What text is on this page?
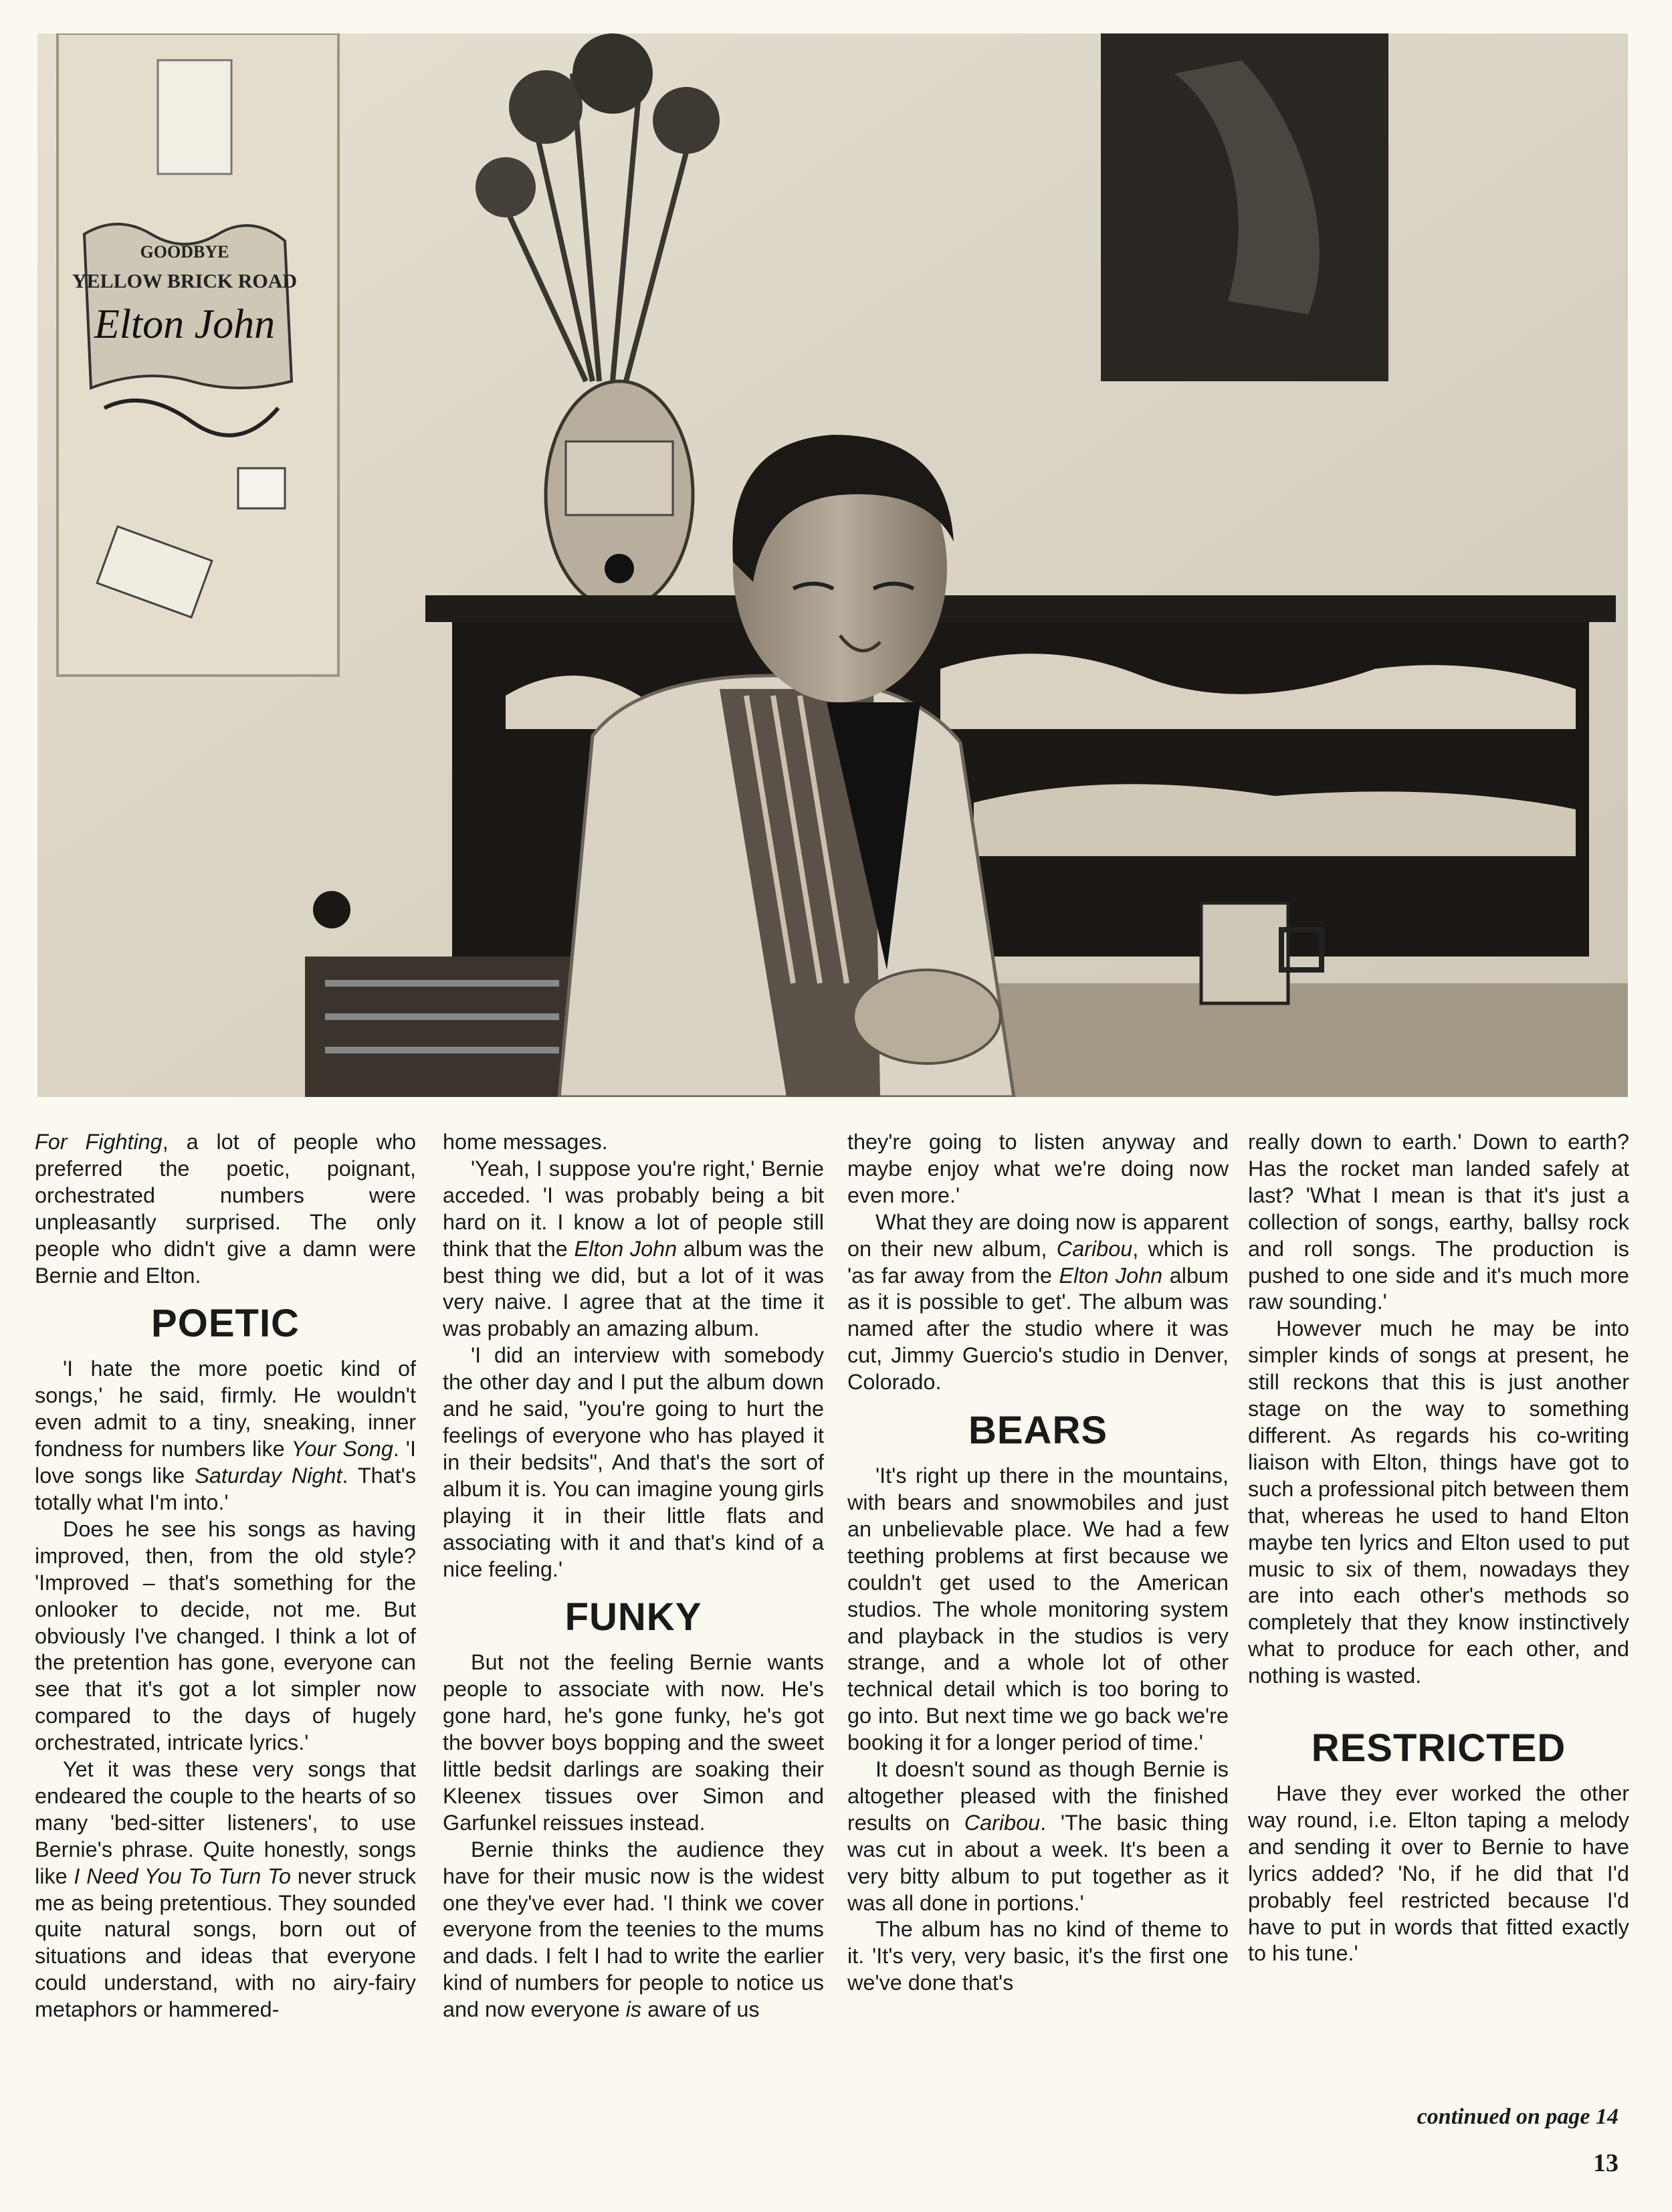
GOODBYE
YELLOW BRICK ROAD
Elton John

For Fighting, a lot of people who preferred the poetic, poignant, orchestrated numbers were unpleasantly surprised. The only people who didn't give a damn were Bernie and Elton.

POETIC

'I hate the more poetic kind of songs,' he said, firmly. He wouldn't even admit to a tiny, sneaking, inner fondness for numbers like Your Song. 'I love songs like Saturday Night. That's totally what I'm into.'

Does he see his songs as having improved, then, from the old style? 'Improved – that's something for the onlooker to decide, not me. But obviously I've changed. I think a lot of the pretention has gone, everyone can see that it's got a lot simpler now compared to the days of hugely orchestrated, intricate lyrics.'

Yet it was these very songs that endeared the couple to the hearts of so many 'bed-sitter listeners', to use Bernie's phrase. Quite honestly, songs like I Need You To Turn To never struck me as being pretentious. They sounded quite natural songs, born out of situations and ideas that everyone could understand, with no airy-fairy metaphors or hammered-

home messages.

'Yeah, I suppose you're right,' Bernie acceded. 'I was probably being a bit hard on it. I know a lot of people still think that the Elton John album was the best thing we did, but a lot of it was very naive. I agree that at the time it was probably an amazing album.

'I did an interview with somebody the other day and I put the album down and he said, "you're going to hurt the feelings of everyone who has played it in their bedsits", And that's the sort of album it is. You can imagine young girls playing it in their little flats and associating with it and that's kind of a nice feeling.'

FUNKY

But not the feeling Bernie wants people to associate with now. He's gone hard, he's gone funky, he's got the bovver boys bopping and the sweet little bedsit darlings are soaking their Kleenex tissues over Simon and Garfunkel reissues instead.

Bernie thinks the audience they have for their music now is the widest one they've ever had. 'I think we cover everyone from the teenies to the mums and dads. I felt I had to write the earlier kind of numbers for people to notice us and now everyone is aware of us

they're going to listen anyway and maybe enjoy what we're doing now even more.'

What they are doing now is apparent on their new album, Caribou, which is 'as far away from the Elton John album as it is possible to get'. The album was named after the studio where it was cut, Jimmy Guercio's studio in Denver, Colorado.

BEARS

'It's right up there in the mountains, with bears and snowmobiles and just an unbelievable place. We had a few teething problems at first because we couldn't get used to the American studios. The whole monitoring system and playback in the studios is very strange, and a whole lot of other technical detail which is too boring to go into. But next time we go back we're booking it for a longer period of time.'

It doesn't sound as though Bernie is altogether pleased with the finished results on Caribou. 'The basic thing was cut in about a week. It's been a very bitty album to put together as it was all done in portions.'

The album has no kind of theme to it. 'It's very, very basic, it's the first one we've done that's

really down to earth.' Down to earth? Has the rocket man landed safely at last? 'What I mean is that it's just a collection of songs, earthy, ballsy rock and roll songs. The production is pushed to one side and it's much more raw sounding.'

However much he may be into simpler kinds of songs at present, he still reckons that this is just another stage on the way to something different. As regards his co-writing liaison with Elton, things have got to such a professional pitch between them that, whereas he used to hand Elton maybe ten lyrics and Elton used to put music to six of them, nowadays they are into each other's methods so completely that they know instinctively what to produce for each other, and nothing is wasted.

RESTRICTED

Have they ever worked the other way round, i.e. Elton taping a melody and sending it over to Bernie to have lyrics added? 'No, if he did that I'd probably feel restricted because I'd have to put in words that fitted exactly to his tune.'

continued on page 14
13
